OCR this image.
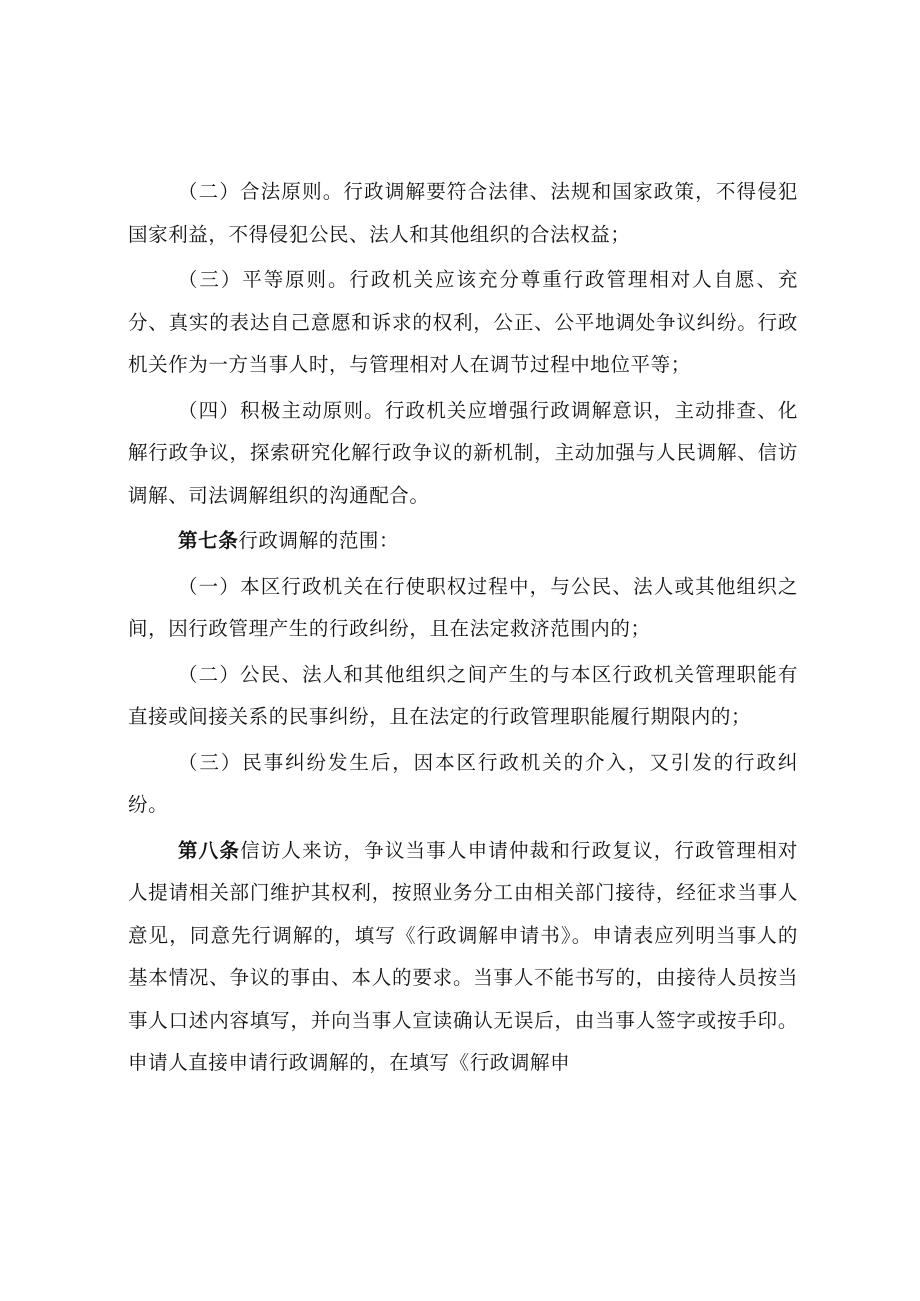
（二）合法原则。行政调解要符合法律、法规和国家政策，不得侵犯国家利益，不得侵犯公民、法人和其他组织的合法权益；

（三）平等原则。行政机关应该充分尊重行政管理相对人自愿、充分、真实的表达自己意愿和诉求的权利，公正、公平地调处争议纠纷。行政机关作为一方当事人时，与管理相对人在调节过程中地位平等；

（四）积极主动原则。行政机关应增强行政调解意识，主动排查、化解行政争议，探索研究化解行政争议的新机制，主动加强与人民调解、信访调解、司法调解组织的沟通配合。

第七条行政调解的范围：

（一）本区行政机关在行使职权过程中，与公民、法人或其他组织之间，因行政管理产生的行政纠纷，且在法定救济范围内的；

（二）公民、法人和其他组织之间产生的与本区行政机关管理职能有直接或间接关系的民事纠纷，且在法定的行政管理职能履行期限内的；

（三）民事纠纷发生后，因本区行政机关的介入，又引发的行政纠纷。

第八条信访人来访，争议当事人申请仲裁和行政复议，行政管理相对人提请相关部门维护其权利，按照业务分工由相关部门接待，经征求当事人意见，同意先行调解的，填写《行政调解申请书》。申请表应列明当事人的基本情况、争议的事由、本人的要求。当事人不能书写的，由接待人员按当事人口述内容填写，并向当事人宣读确认无误后，由当事人签字或按手印。申请人直接申请行政调解的，在填写《行政调解申
